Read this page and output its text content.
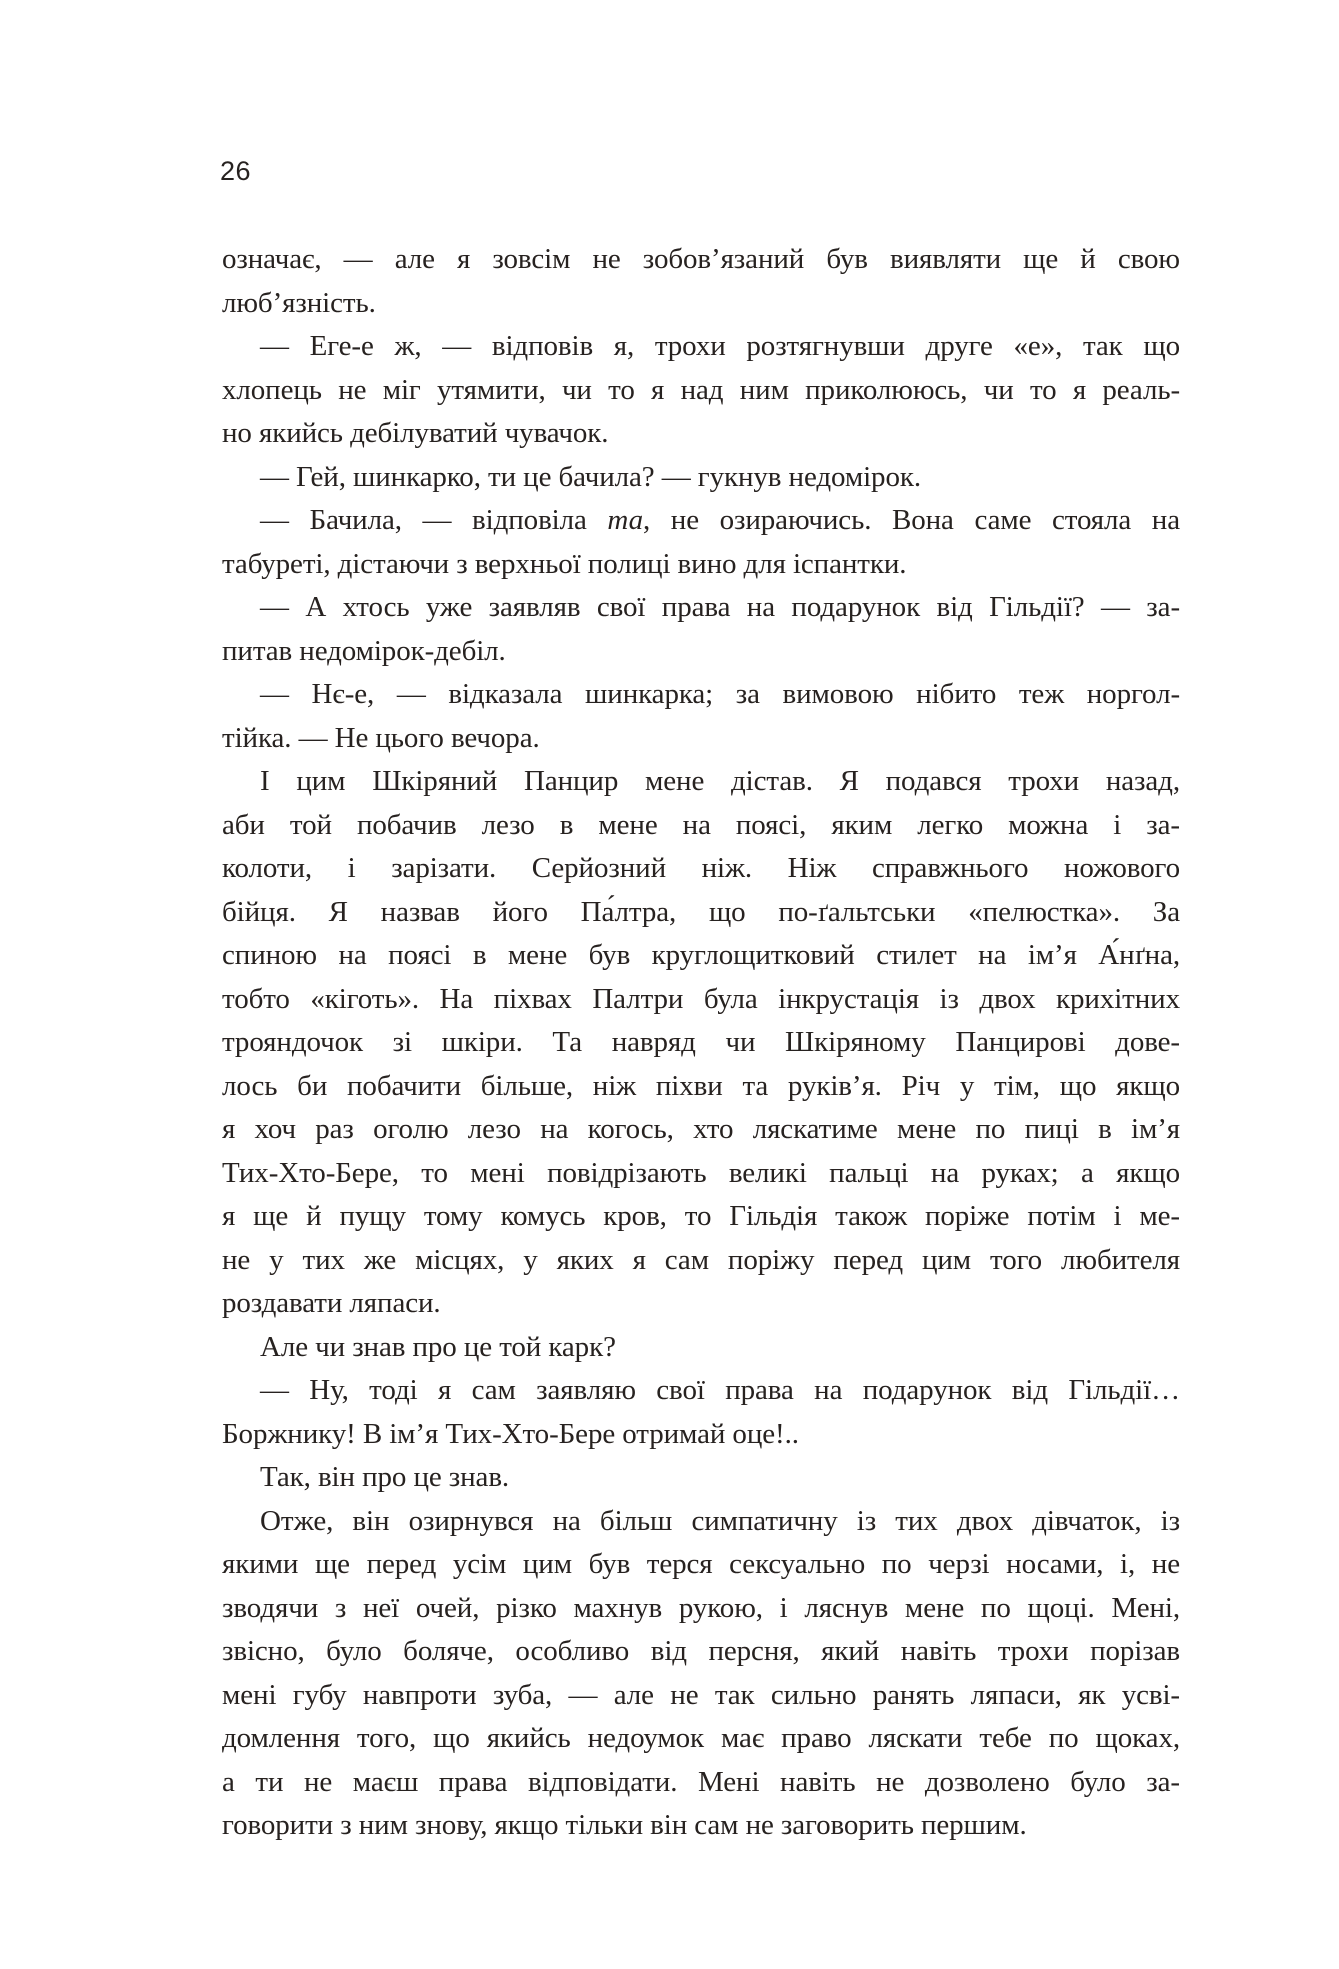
26
означає, — але я зовсім не зобов’язаний був виявляти ще й свою
люб’язність.
— Еге-е ж, — відповів я, трохи розтягнувши друге «е», так що
хлопець не міг утямити, чи то я над ним приколююсь, чи то я реаль-
но якийсь дебілуватий чувачок.
— Гей, шинкарко, ти це бачила? — гукнув недомірок.
— Бачила, — відповіла та, не озираючись. Вона саме стояла на
табуреті, дістаючи з верхньої полиці вино для іспантки.
— А хтось уже заявляв свої права на подарунок від Гільдії? — за-
питав недомірок-дебіл.
— Нє-е, — відказала шинкарка; за вимовою нібито теж норгол-
тійка. — Не цього вечора.
І цим Шкіряний Панцир мене дістав. Я подався трохи назад,
аби той побачив лезо в мене на поясі, яким легко можна і за-
колоти, і зарізати. Серйозний ніж. Ніж справжнього ножового
бійця. Я назвав його Па́лтра, що по-ґальтськи «пелюстка». За
спиною на поясі в мене був круглощитковий стилет на ім’я А́нґна,
тобто «кіготь». На піхвах Палтри була інкрустація із двох крихітних
трояндочок зі шкіри. Та навряд чи Шкіряному Панцирові дове-
лось би побачити більше, ніж піхви та руків’я. Річ у тім, що якщо
я хоч раз оголю лезо на когось, хто ляскатиме мене по пиці в ім’я
Тих-Хто-Бере, то мені повідрізають великі пальці на руках; а якщо
я ще й пущу тому комусь кров, то Гільдія також поріже потім і ме-
не у тих же місцях, у яких я сам поріжу перед цим того любителя
роздавати ляпаси.
Але чи знав про це той карк?
— Ну, тоді я сам заявляю свої права на подарунок від Гільдії…
Боржнику! В ім’я Тих-Хто-Бере отримай оце!..
Так, він про це знав.
Отже, він озирнувся на більш симпатичну із тих двох дівчаток, із
якими ще перед усім цим був терся сексуально по черзі носами, і, не
зводячи з неї очей, різко махнув рукою, і ляснув мене по щоці. Мені,
звісно, було боляче, особливо від персня, який навіть трохи порізав
мені губу навпроти зуба, — але не так сильно ранять ляпаси, як усві-
домлення того, що якийсь недоумок має право ляскати тебе по щоках,
а ти не маєш права відповідати. Мені навіть не дозволено було за-
говорити з ним знову, якщо тільки він сам не заговорить першим.
